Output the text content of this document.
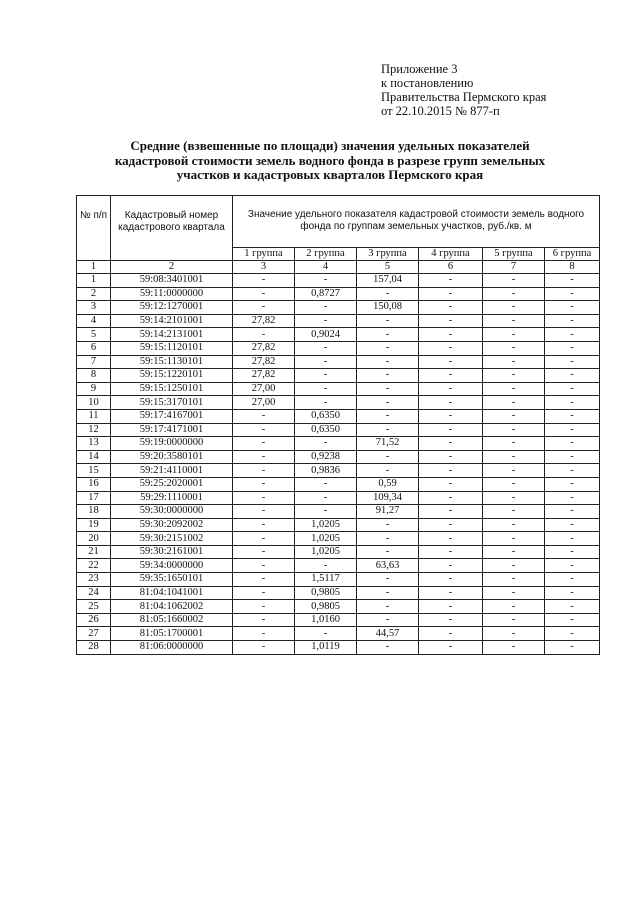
Приложение 3
к постановлению
Правительства Пермского края
от 22.10.2015 № 877-п
Средние (взвешенные по площади) значения удельных показателей
кадастровой стоимости земель водного фонда в разрезе групп земельных
участков и кадастровых кварталов Пермского края
№ п/п	Кадастровый номер кадастрового квартала	Значение удельного показателя кадастровой стоимости земель водного фонда по группам земельных участков, руб./кв. м					
		1 группа	2 группа	3 группа	4 группа	5 группа	6 группа
1	2	3	4	5	6	7	8
1	59:08:3401001	-	-	157,04	-	-	-
2	59:11:0000000	-	0,8727	-	-	-	-
3	59:12:1270001	-	-	150,08	-	-	-
4	59:14:2101001	27,82	-	-	-	-	-
5	59:14:2131001	-	0,9024	-	-	-	-
6	59:15:1120101	27,82	-	-	-	-	-
7	59:15:1130101	27,82	-	-	-	-	-
8	59:15:1220101	27,82	-	-	-	-	-
9	59:15:1250101	27,00	-	-	-	-	-
10	59:15:3170101	27,00	-	-	-	-	-
11	59:17:4167001	-	0,6350	-	-	-	-
12	59:17:4171001	-	0,6350	-	-	-	-
13	59:19:0000000	-	-	71,52	-	-	-
14	59:20:3580101	-	0,9238	-	-	-	-
15	59:21:4110001	-	0,9836	-	-	-	-
16	59:25:2020001	-	-	0,59	-	-	-
17	59:29:1110001	-	-	109,34	-	-	-
18	59:30:0000000	-	-	91,27	-	-	-
19	59:30:2092002	-	1,0205	-	-	-	-
20	59:30:2151002	-	1,0205	-	-	-	-
21	59:30:2161001	-	1,0205	-	-	-	-
22	59:34:0000000	-	-	63,63	-	-	-
23	59:35:1650101	-	1,5117	-	-	-	-
24	81:04:1041001	-	0,9805	-	-	-	-
25	81:04:1062002	-	0,9805	-	-	-	-
26	81:05:1660002	-	1,0160	-	-	-	-
27	81:05:1700001	-	-	44,57	-	-	-
28	81:06:0000000	-	1,0119	-	-	-	-
